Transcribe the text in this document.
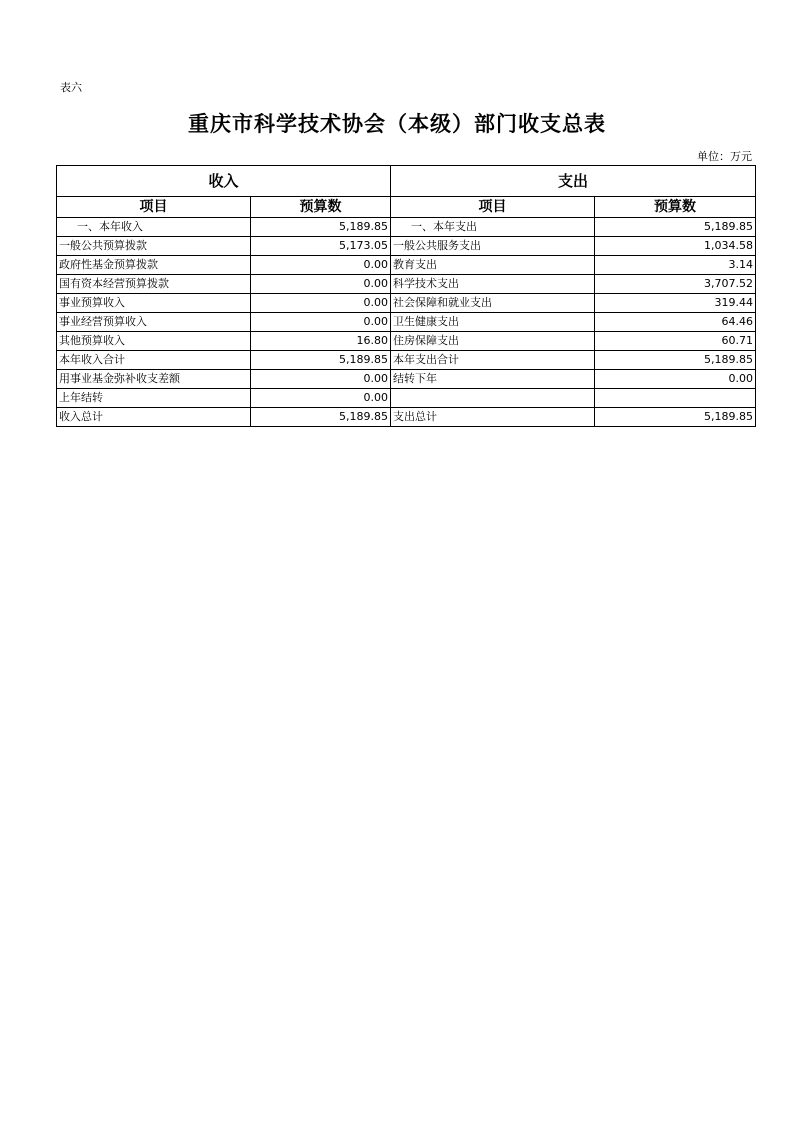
表六
重庆市科学技术协会（本级）部门收支总表
单位：万元
收入		支出	
项目	预算数	项目	预算数
一、本年收入	5,189.85	一、本年支出	5,189.85
一般公共预算拨款	5,173.05	一般公共服务支出	1,034.58
政府性基金预算拨款	0.00	教育支出	3.14
国有资本经营预算拨款	0.00	科学技术支出	3,707.52
事业预算收入	0.00	社会保障和就业支出	319.44
事业经营预算收入	0.00	卫生健康支出	64.46
其他预算收入	16.80	住房保障支出	60.71
本年收入合计	5,189.85	本年支出合计	5,189.85
用事业基金弥补收支差额	0.00	结转下年	0.00
上年结转	0.00		
收入总计	5,189.85	支出总计	5,189.85
